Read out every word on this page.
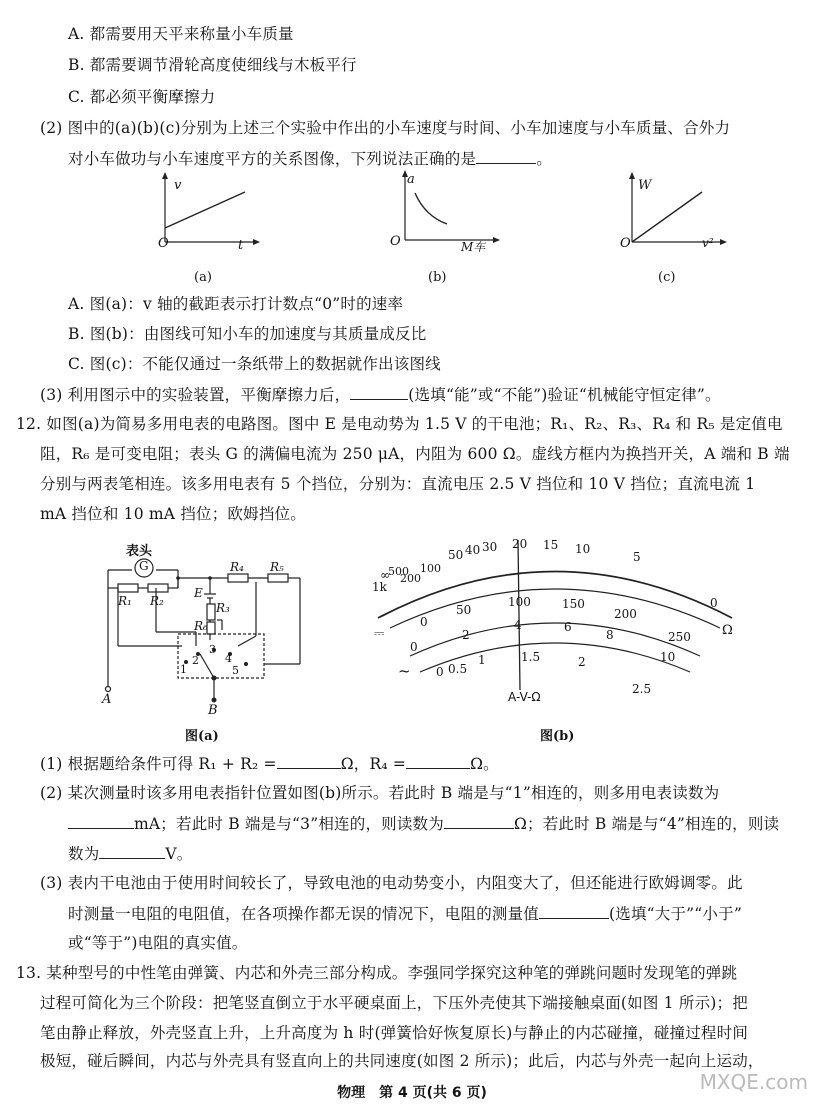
A. 都需要用天平来称量小车质量
B. 都需要调节滑轮高度使细线与木板平行
C. 都必须平衡摩擦力
(2) 图中的(a)(b)(c)分别为上述三个实验中作出的小车速度与时间、小车加速度与小车质量、合外力
对小车做功与小车速度平方的关系图像，下列说法正确的是	。
v
O	t
(a)
a
O	M车
(b)
W
O	v²
(c)
A. 图(a)：v 轴的截距表示打计数点“0”时的速率
B. 图(b)：由图线可知小车的加速度与其质量成反比
C. 图(c)：不能仅通过一条纸带上的数据就作出该图线
(3) 利用图示中的实验装置，平衡摩擦力后，	(选填“能”或“不能”)验证“机械能守恒定律”。
12. 如图(a)为简易多用电表的电路图。图中 E 是电动势为 1.5 V 的干电池；R₁、R₂、R₃、R₄ 和 R₅ 是定值电
阻，R₆ 是可变电阻；表头 G 的满偏电流为 250 μA，内阻为 600 Ω。虚线方框内为换挡开关，A 端和 B 端
分别与两表笔相连。该多用电表有 5 个挡位，分别为：直流电压 2.5 V 挡位和 10 V 挡位；直流电流 1
mA 挡位和 10 mA 挡位；欧姆挡位。
表头
G
R₁ R₂
R₄ R₅
E
R₃
R₆
1
2
3
4
5
A
B
图(a)
∞
1k
500
200
100
50 40 30 20 15 10
5
0
Ω
0
50
100	150
200
250
0
2
4	6
8
10
0 0.5
1	1.5	2
2.5
⎓
~
A-V-Ω
图(b)
(1) 根据题给条件可得 R₁ + R₂ =	Ω，R₄ =	Ω。
(2) 某次测量时该多用电表指针位置如图(b)所示。若此时 B 端是与“1”相连的，则多用电表读数为
mA；若此时 B 端是与“3”相连的，则读数为	Ω；若此时 B 端是与“4”相连的，则读
数为	V。
(3) 表内干电池由于使用时间较长了，导致电池的电动势变小，内阻变大了，但还能进行欧姆调零。此
时测量一电阻的电阻值，在各项操作都无误的情况下，电阻的测量值	(选填“大于”“小于”
或“等于”)电阻的真实值。
13. 某种型号的中性笔由弹簧、内芯和外壳三部分构成。李强同学探究这种笔的弹跳问题时发现笔的弹跳
过程可简化为三个阶段：把笔竖直倒立于水平硬桌面上，下压外壳使其下端接触桌面(如图 1 所示)；把
笔由静止释放，外壳竖直上升，上升高度为 h 时(弹簧恰好恢复原长)与静止的内芯碰撞，碰撞过程时间
极短，碰后瞬间，内芯与外壳具有竖直向上的共同速度(如图 2 所示)；此后，内芯与外壳一起向上运动，
物理　第 4 页(共 6 页)	MXQE.com
